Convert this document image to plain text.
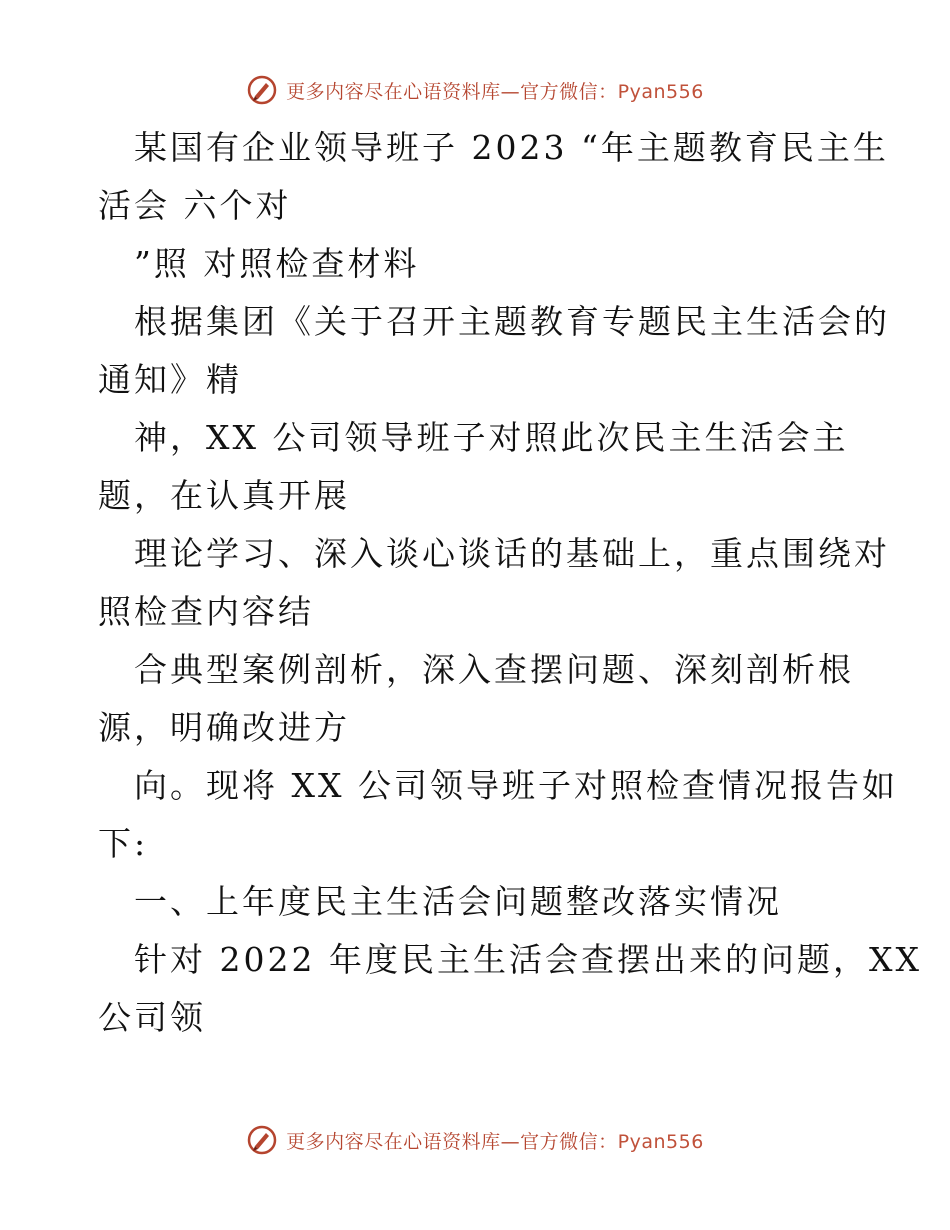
更多内容尽在心语资料库—官方微信：Pyan556
某国有企业领导班子 2023 “年主题教育民主生
活会 六个对
”照 对照检查材料
根据集团《关于召开主题教育专题民主生活会的
通知》精
神，XX 公司领导班子对照此次民主生活会主
题，在认真开展
理论学习、深入谈心谈话的基础上，重点围绕对
照检查内容结
合典型案例剖析，深入查摆问题、深刻剖析根
源，明确改进方
向。现将 XX 公司领导班子对照检查情况报告如
下:
一、上年度民主生活会问题整改落实情况
针对 2022 年度民主生活会查摆出来的问题，XX
公司领
更多内容尽在心语资料库—官方微信：Pyan556
